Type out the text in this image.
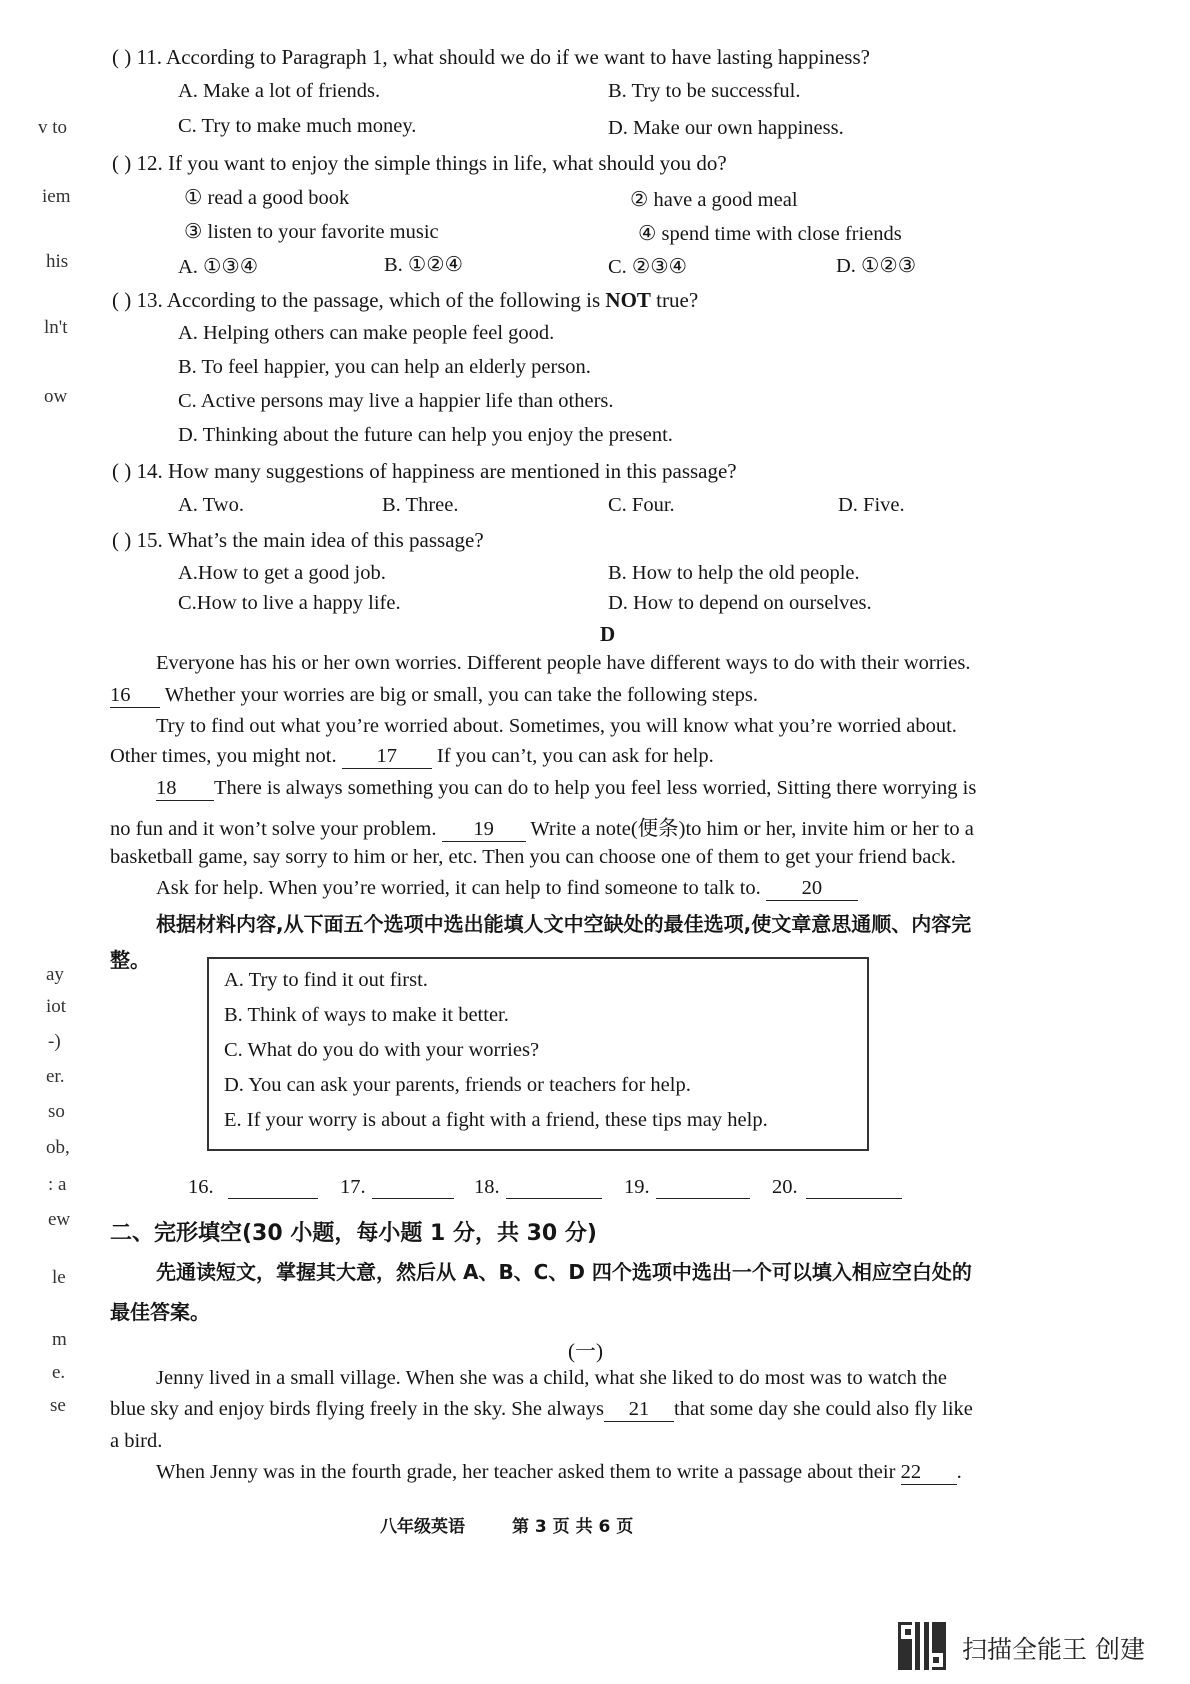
v to
iem
his
ln't
ow
ay
iot
-)
er.
so
ob,
: a
ew
le
m
e.
se
( ) 11. According to Paragraph 1, what should we do if we want to have lasting happiness?
A. Make a lot of friends.	B. Try to be successful.
C. Try to make much money.	D. Make our own happiness.
( ) 12. If you want to enjoy the simple things in life, what should you do?
① read a good book	② have a good meal
③ listen to your favorite music	④ spend time with close friends
A. ①③④	B. ①②④	C. ②③④	D. ①②③
( ) 13. According to the passage, which of the following is NOT true?
A. Helping others can make people feel good.
B. To feel happier, you can help an elderly person.
C. Active persons may live a happier life than others.
D. Thinking about the future can help you enjoy the present.
( ) 14. How many suggestions of happiness are mentioned in this passage?
A. Two.	B. Three.	C. Four.	D. Five.
( ) 15. What’s the main idea of this passage?
A.How to get a good job.	B. How to help the old people.
C.How to live a happy life.	D. How to depend on ourselves.
D
Everyone has his or her own worries. Different people have different ways to do with their worries.
16 Whether your worries are big or small, you can take the following steps.
Try to find out what you’re worried about. Sometimes, you will know what you’re worried about.
Other times, you might not. 17 If you can’t, you can ask for help.
18 There is always something you can do to help you feel less worried, Sitting there worrying is
no fun and it won’t solve your problem. 19 Write a note(便条)to him or her, invite him or her to a
basketball game, say sorry to him or her, etc. Then you can choose one of them to get your friend back.
Ask for help. When you’re worried, it can help to find someone to talk to. 20
根据材料内容,从下面五个选项中选出能填人文中空缺处的最佳选项,使文章意思通顺、内容完
整。
A. Try to find it out first.
B. Think of ways to make it better.
C. What do you do with your worries?
D. You can ask your parents, friends or teachers for help.
E. If your worry is about a fight with a friend, these tips may help.
16.	17.	18.	19.	20.
二、完形填空(30 小题，每小题 1 分，共 30 分)
先通读短文，掌握其大意，然后从 A、B、C、D 四个选项中选出一个可以填入相应空白处的
最佳答案。
(一)
Jenny lived in a small village. When she was a child, what she liked to do most was to watch the
blue sky and enjoy birds flying freely in the sky. She always 21 that some day she could also fly like
a bird.
When Jenny was in the fourth grade, her teacher asked them to write a passage about their 22 .
八年级英语	第 3 页 共 6 页
扫描全能王 创建
